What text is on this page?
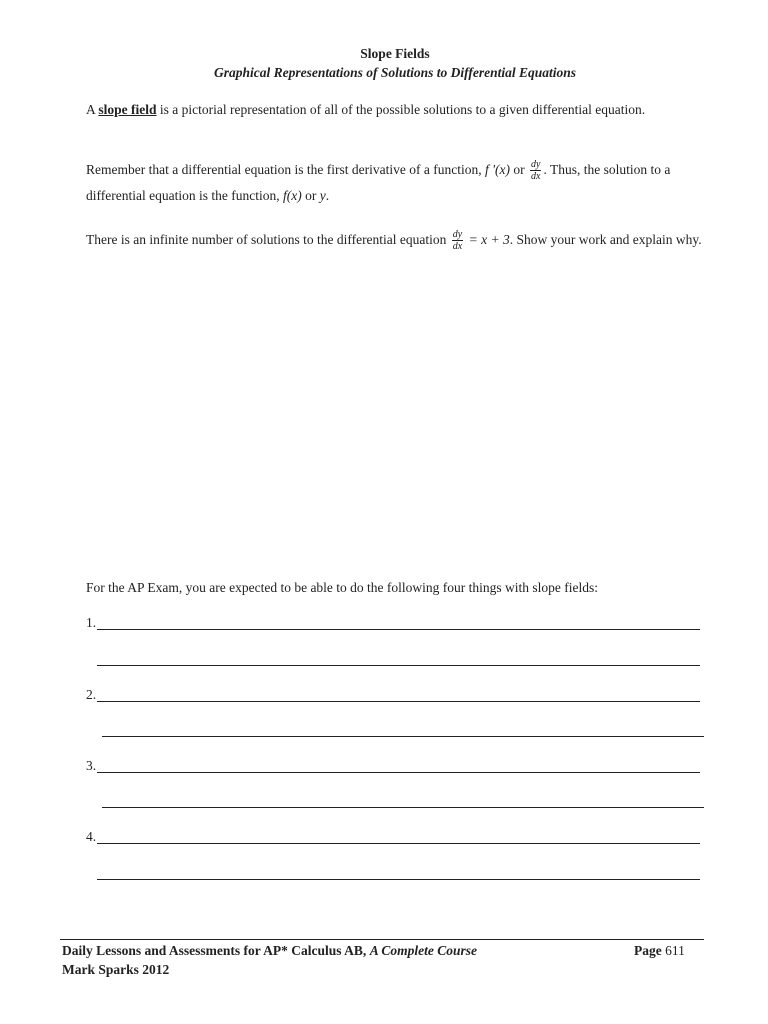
Slope Fields
Graphical Representations of Solutions to Differential Equations
A slope field is a pictorial representation of all of the possible solutions to a given differential equation.
Remember that a differential equation is the first derivative of a function, f '(x) or $\frac{dy}{dx}$ . Thus, the solution to a differential equation is the function, f(x) or y.
There is an infinite number of solutions to the differential equation $\frac{dy}{dx} = x + 3$. Show your work and explain why.
For the AP Exam, you are expected to be able to do the following four things with slope fields:
1.
2.
3.
4.
Daily Lessons and Assessments for AP* Calculus AB, A Complete Course
Mark Sparks 2012
Page 611
